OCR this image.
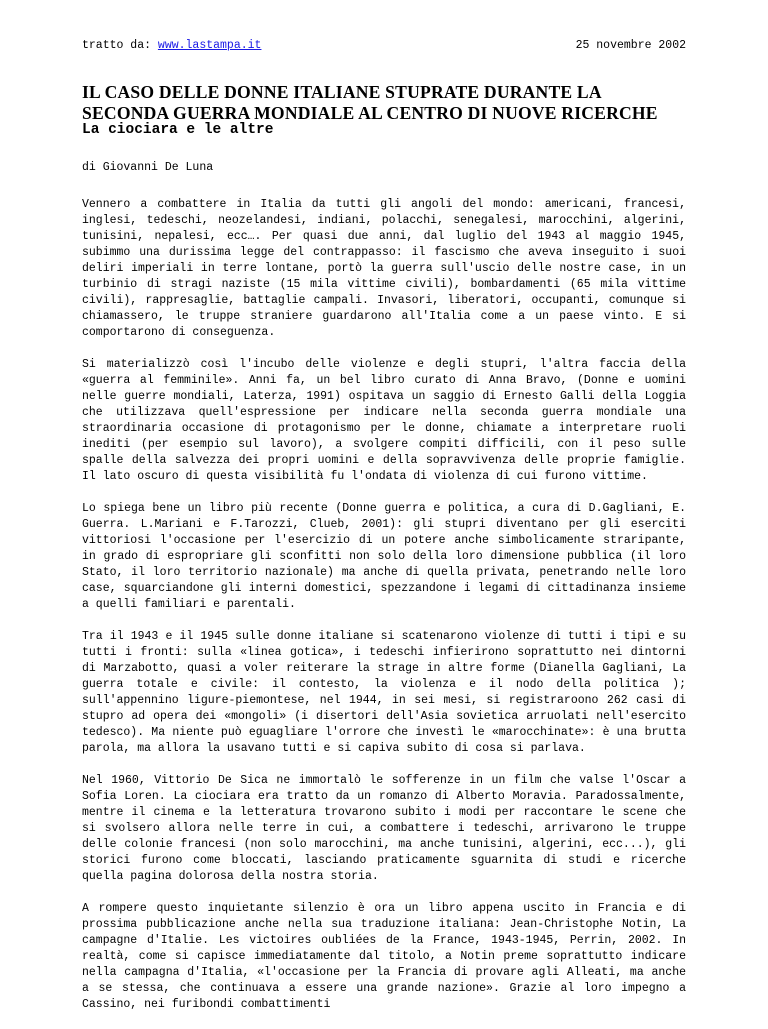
tratto da: www.lastampa.it	25 novembre 2002
IL CASO DELLE DONNE ITALIANE STUPRATE DURANTE LA SECONDA GUERRA MONDIALE AL CENTRO DI NUOVE RICERCHE
La ciociara e le altre
di Giovanni De Luna

Vennero a combattere in Italia da tutti gli angoli del mondo: americani, francesi, inglesi, tedeschi, neozelandesi, indiani, polacchi, senegalesi, marocchini, algerini, tunisini, nepalesi, ecc…. Per quasi due anni, dal luglio del 1943 al maggio 1945, subimmo una durissima legge del contrappasso: il fascismo che aveva inseguito i suoi deliri imperiali in terre lontane, portò la guerra sull'uscio delle nostre case, in un turbinio di stragi naziste (15 mila vittime civili), bombardamenti (65 mila vittime civili), rappresaglie, battaglie campali. Invasori, liberatori, occupanti, comunque si chiamassero, le truppe straniere guardarono all'Italia come a un paese vinto. E si comportarono di conseguenza.

Si materializzò così l'incubo delle violenze e degli stupri, l'altra faccia della «guerra al femminile». Anni fa, un bel libro curato di Anna Bravo, (Donne e uomini nelle guerre mondiali, Laterza, 1991) ospitava un saggio di Ernesto Galli della Loggia che utilizzava quell'espressione per indicare nella seconda guerra mondiale una straordinaria occasione di protagonismo per le donne, chiamate a interpretare ruoli inediti (per esempio sul lavoro), a svolgere compiti difficili, con il peso sulle spalle della salvezza dei propri uomini e della sopravvivenza delle proprie famiglie. Il lato oscuro di questa visibilità fu l'ondata di violenza di cui furono vittime.

Lo spiega bene un libro più recente (Donne guerra e politica, a cura di D.Gagliani, E. Guerra. L.Mariani e F.Tarozzi, Clueb, 2001): gli stupri diventano per gli eserciti vittoriosi l'occasione per l'esercizio di un potere anche simbolicamente straripante, in grado di espropriare gli sconfitti non solo della loro dimensione pubblica (il loro Stato, il loro territorio nazionale) ma anche di quella privata, penetrando nelle loro case, squarciandone gli interni domestici, spezzandone i legami di cittadinanza insieme a quelli familiari e parentali.

Tra il 1943 e il 1945 sulle donne italiane si scatenarono violenze di tutti i tipi e su tutti i fronti: sulla «linea gotica», i tedeschi infierirono soprattutto nei dintorni di Marzabotto, quasi a voler reiterare la strage in altre forme (Dianella Gagliani, La guerra totale e civile: il contesto, la violenza e il nodo della politica ); sull'appennino ligure-piemontese, nel 1944, in sei mesi, si registraroono 262 casi di stupro ad opera dei «mongoli» (i disertori dell'Asia sovietica arruolati nell'esercito tedesco). Ma niente può eguagliare l'orrore che investì le «marocchinate»: è una brutta parola, ma allora la usavano tutti e si capiva subito di cosa si parlava.

Nel 1960, Vittorio De Sica ne immortalò le sofferenze in un film che valse l'Oscar a Sofia Loren. La ciociara era tratto da un romanzo di Alberto Moravia. Paradossalmente, mentre il cinema e la letteratura trovarono subito i modi per raccontare le scene che si svolsero allora nelle terre in cui, a combattere i tedeschi, arrivarono le truppe delle colonie francesi (non solo marocchini, ma anche tunisini, algerini, ecc...), gli storici furono come bloccati, lasciando praticamente sguarnita di studi e ricerche quella pagina dolorosa della nostra storia.

A rompere questo inquietante silenzio è ora un libro appena uscito in Francia e di prossima pubblicazione anche nella sua traduzione italiana: Jean-Christophe Notin, La campagne d'Italie. Les victoires oubliées de la France, 1943-1945, Perrin, 2002. In realtà, come si capisce immediatamente dal titolo, a Notin preme soprattutto indicare nella campagna d'Italia, «l'occasione per la Francia di provare agli Alleati, ma anche a se stessa, che continuava a essere una grande nazione». Grazie al loro impegno a Cassino, nei furibondi combattimenti
